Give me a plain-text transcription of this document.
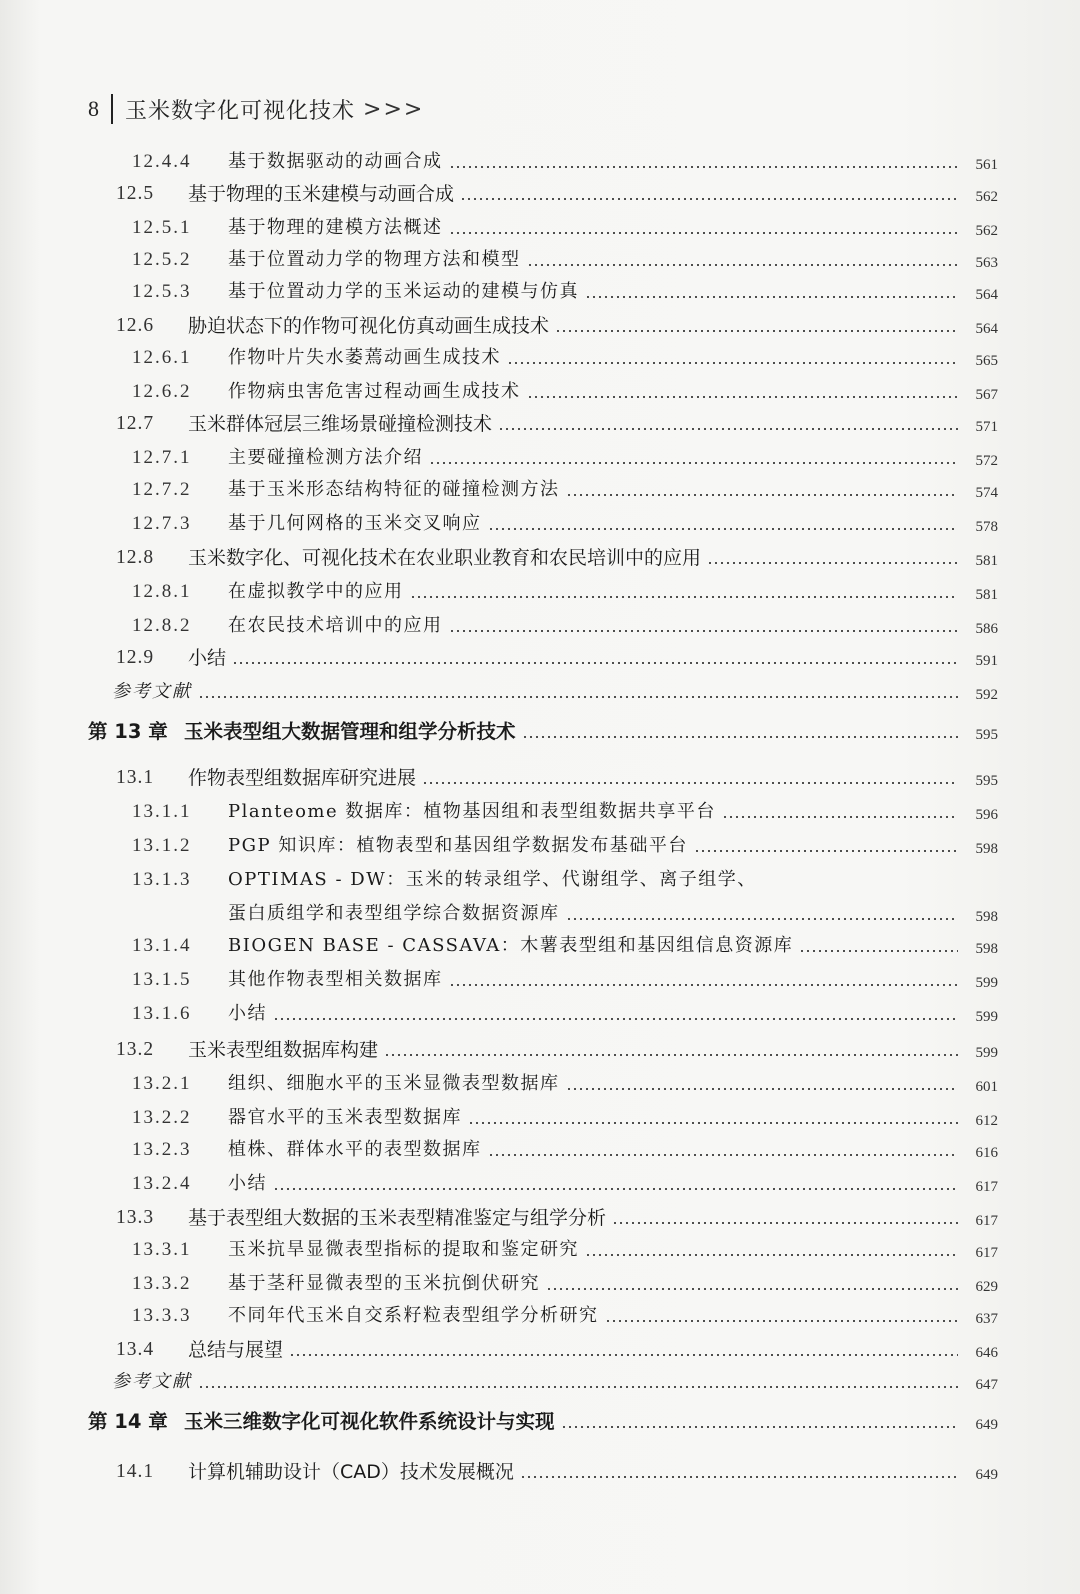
8 玉米数字化可视化技术 >>>
12.4.4	基于数据驱动的动画合成	561
12.5	基于物理的玉米建模与动画合成	562
12.5.1	基于物理的建模方法概述	562
12.5.2	基于位置动力学的物理方法和模型	563
12.5.3	基于位置动力学的玉米运动的建模与仿真	564
12.6	胁迫状态下的作物可视化仿真动画生成技术	564
12.6.1	作物叶片失水萎蔫动画生成技术	565
12.6.2	作物病虫害危害过程动画生成技术	567
12.7	玉米群体冠层三维场景碰撞检测技术	571
12.7.1	主要碰撞检测方法介绍	572
12.7.2	基于玉米形态结构特征的碰撞检测方法	574
12.7.3	基于几何网格的玉米交叉响应	578
12.8	玉米数字化、可视化技术在农业职业教育和农民培训中的应用	581
12.8.1	在虚拟教学中的应用	581
12.8.2	在农民技术培训中的应用	586
12.9	小结	591
参考文献	592
第 13 章 玉米表型组大数据管理和组学分析技术	595
13.1	作物表型组数据库研究进展	595
13.1.1	Planteome 数据库：植物基因组和表型组数据共享平台	596
13.1.2	PGP 知识库：植物表型和基因组学数据发布基础平台	598
13.1.3	OPTIMAS - DW：玉米的转录组学、代谢组学、离子组学、
蛋白质组学和表型组学综合数据资源库	598
13.1.4	BIOGEN BASE - CASSAVA：木薯表型组和基因组信息资源库	598
13.1.5	其他作物表型相关数据库	599
13.1.6	小结	599
13.2	玉米表型组数据库构建	599
13.2.1	组织、细胞水平的玉米显微表型数据库	601
13.2.2	器官水平的玉米表型数据库	612
13.2.3	植株、群体水平的表型数据库	616
13.2.4	小结	617
13.3	基于表型组大数据的玉米表型精准鉴定与组学分析	617
13.3.1	玉米抗旱显微表型指标的提取和鉴定研究	617
13.3.2	基于茎秆显微表型的玉米抗倒伏研究	629
13.3.3	不同年代玉米自交系籽粒表型组学分析研究	637
13.4	总结与展望	646
参考文献	647
第 14 章 玉米三维数字化可视化软件系统设计与实现	649
14.1	计算机辅助设计（CAD）技术发展概况	649
